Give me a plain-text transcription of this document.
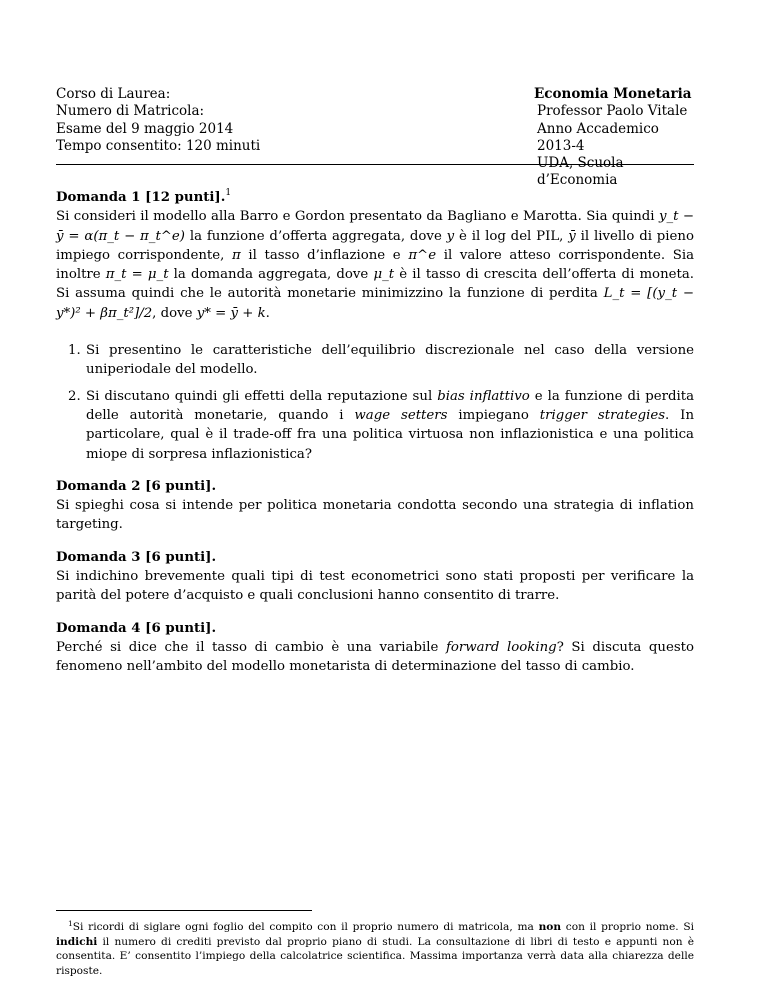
Corso di Laurea:
Numero di Matricola:
Esame del 9 maggio 2014
Tempo consentito: 120 minuti
Economia Monetaria
Professor Paolo Vitale
Anno Accademico 2013-4
UDA, Scuola d’Economia
Domanda 1 [12 punti].$^1$

Si consideri il modello alla Barro e Gordon presentato da Bagliano e Marotta. Sia quindi y_t − ȳ = α(π_t − π_t^e) la funzione d’offerta aggregata, dove y è il log del PIL, ȳ il livello di pieno impiego corrispondente, π il tasso d’inflazione e π^e il valore atteso corrispondente. Sia inoltre π_t = μ_t la domanda aggregata, dove μ_t è il tasso di crescita dell’offerta di moneta. Si assuma quindi che le autorità monetarie minimizzino la funzione di perdita L_t = [(y_t − y*)² + βπ_t²]/2, dove y* = ȳ + k.

1. Si presentino le caratteristiche dell’equilibrio discrezionale nel caso della versione uniperiodale del modello.
2. Si discutano quindi gli effetti della reputazione sul bias inflattivo e la funzione di perdita delle autorità monetarie, quando i wage setters impiegano trigger strategies. In particolare, qual è il trade-off fra una politica virtuosa non inflazionistica e una politica miope di sorpresa inflazionistica?
Domanda 2 [6 punti].

Si spieghi cosa si intende per politica monetaria condotta secondo una strategia di inflation targeting.

Domanda 3 [6 punti].

Si indichino brevemente quali tipi di test econometrici sono stati proposti per verificare la parità del potere d’acquisto e quali conclusioni hanno consentito di trarre.

Domanda 4 [6 punti].

Perché si dice che il tasso di cambio è una variabile forward looking? Si discuta questo fenomeno nell’ambito del modello monetarista di determinazione del tasso di cambio.

$^1$Si ricordi di siglare ogni foglio del compito con il proprio numero di matricola, ma non con il proprio nome. Si indichi il numero di crediti previsto dal proprio piano di studi. La consultazione di libri di testo e appunti non è consentita. E’ consentito l’impiego della calcolatrice scientifica. Massima importanza verrà data alla chiarezza delle risposte.
